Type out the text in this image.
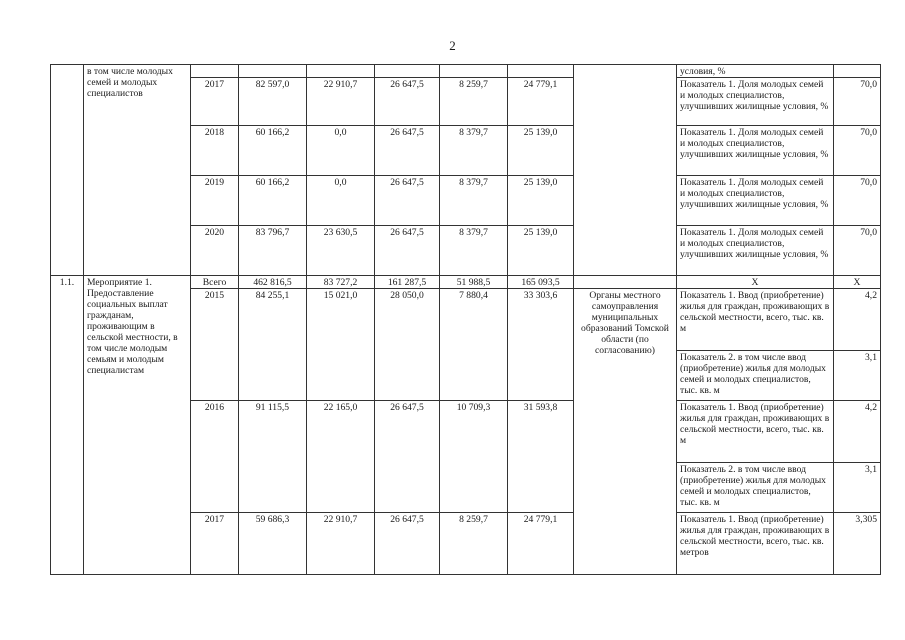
2
	в том числе молодых семей и молодых специалистов								условия, %	
		2017	82 597,0	22 910,7	26 647,5	8 259,7	24 779,1		Показатель 1. Доля молодых семей и молодых специалистов, улучшивших жилищные условия, %	70,0
		2018	60 166,2	0,0	26 647,5	8 379,7	25 139,0		Показатель 1. Доля молодых семей и молодых специалистов, улучшивших жилищные условия, %	70,0
		2019	60 166,2	0,0	26 647,5	8 379,7	25 139,0		Показатель 1. Доля молодых семей и молодых специалистов, улучшивших жилищные условия, %	70,0
		2020	83 796,7	23 630,5	26 647,5	8 379,7	25 139,0		Показатель 1. Доля молодых семей и молодых специалистов, улучшивших жилищные условия, %	70,0
1.1.	Мероприятие 1. Предоставление социальных выплат гражданам, проживающим в сельской местности, в том числе молодым семьям и молодым специалистам	Всего	462 816,5	83 727,2	161 287,5	51 988,5	165 093,5		Х	Х
		2015	84 255,1	15 021,0	28 050,0	7 880,4	33 303,6	Органы местного самоуправления муниципальных образований Томской области (по согласованию)	Показатель 1. Ввод (приобретение) жилья для граждан, проживающих в сельской местности, всего, тыс. кв. м	4,2
									Показатель 2. в том числе ввод (приобретение) жилья для молодых семей и молодых специалистов, тыс. кв. м	3,1
		2016	91 115,5	22 165,0	26 647,5	10 709,3	31 593,8		Показатель 1. Ввод (приобретение) жилья для граждан, проживающих в сельской местности, всего, тыс. кв. м	4,2
									Показатель 2. в том числе ввод (приобретение) жилья для молодых семей и молодых специалистов, тыс. кв. м	3,1
		2017	59 686,3	22 910,7	26 647,5	8 259,7	24 779,1		Показатель 1. Ввод (приобретение) жилья для граждан, проживающих в сельской местности, всего, тыс. кв. метров	3,305
